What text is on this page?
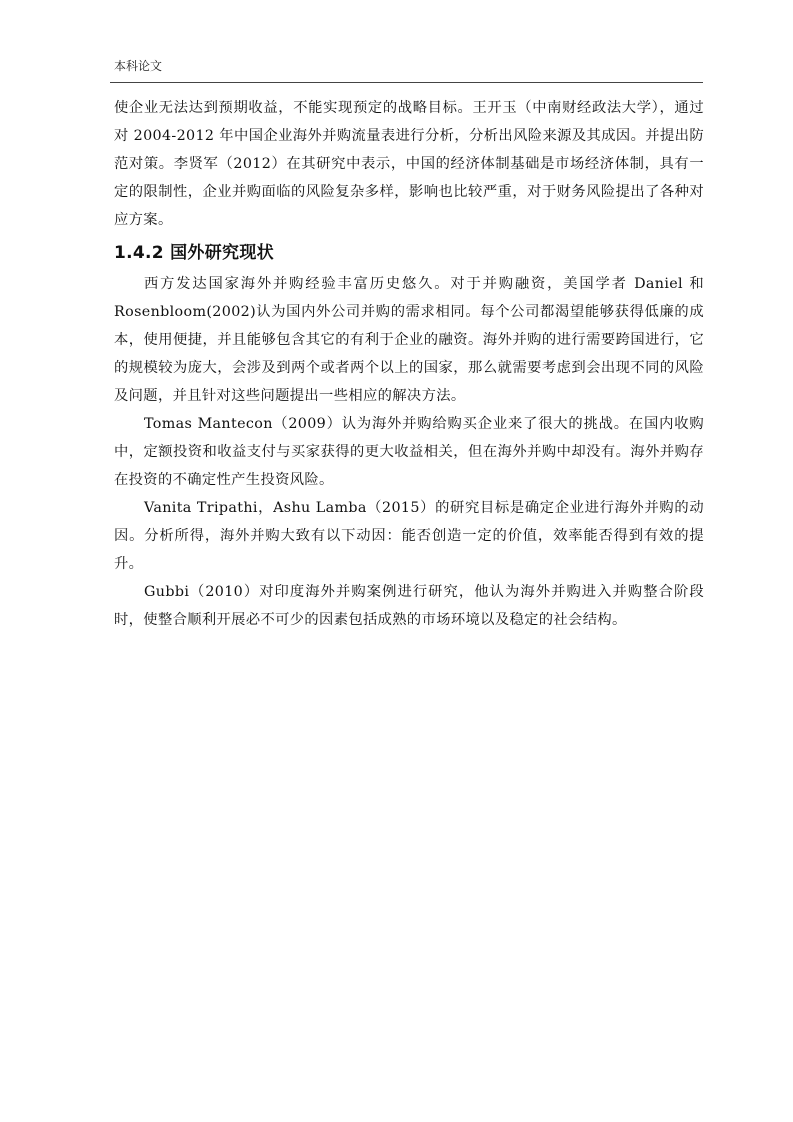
本科论文

使企业无法达到预期收益，不能实现预定的战略目标。王开玉（中南财经政法大学），通过对 2004-2012 年中国企业海外并购流量表进行分析，分析出风险来源及其成因。并提出防范对策。李贤军（2012）在其研究中表示，中国的经济体制基础是市场经济体制，具有一定的限制性，企业并购面临的风险复杂多样，影响也比较严重，对于财务风险提出了各种对应方案。

1.4.2 国外研究现状

西方发达国家海外并购经验丰富历史悠久。对于并购融资，美国学者 Daniel 和 Rosenbloom(2002)认为国内外公司并购的需求相同。每个公司都渴望能够获得低廉的成本，使用便捷，并且能够包含其它的有利于企业的融资。海外并购的进行需要跨国进行，它的规模较为庞大，会涉及到两个或者两个以上的国家，那么就需要考虑到会出现不同的风险及问题，并且针对这些问题提出一些相应的解决方法。

Tomas Mantecon（2009）认为海外并购给购买企业来了很大的挑战。在国内收购中，定额投资和收益支付与买家获得的更大收益相关，但在海外并购中却没有。海外并购存在投资的不确定性产生投资风险。

Vanita Tripathi，Ashu Lamba（2015）的研究目标是确定企业进行海外并购的动因。分析所得，海外并购大致有以下动因：能否创造一定的价值，效率能否得到有效的提升。

Gubbi（2010）对印度海外并购案例进行研究，他认为海外并购进入并购整合阶段时，使整合顺利开展必不可少的因素包括成熟的市场环境以及稳定的社会结构。
